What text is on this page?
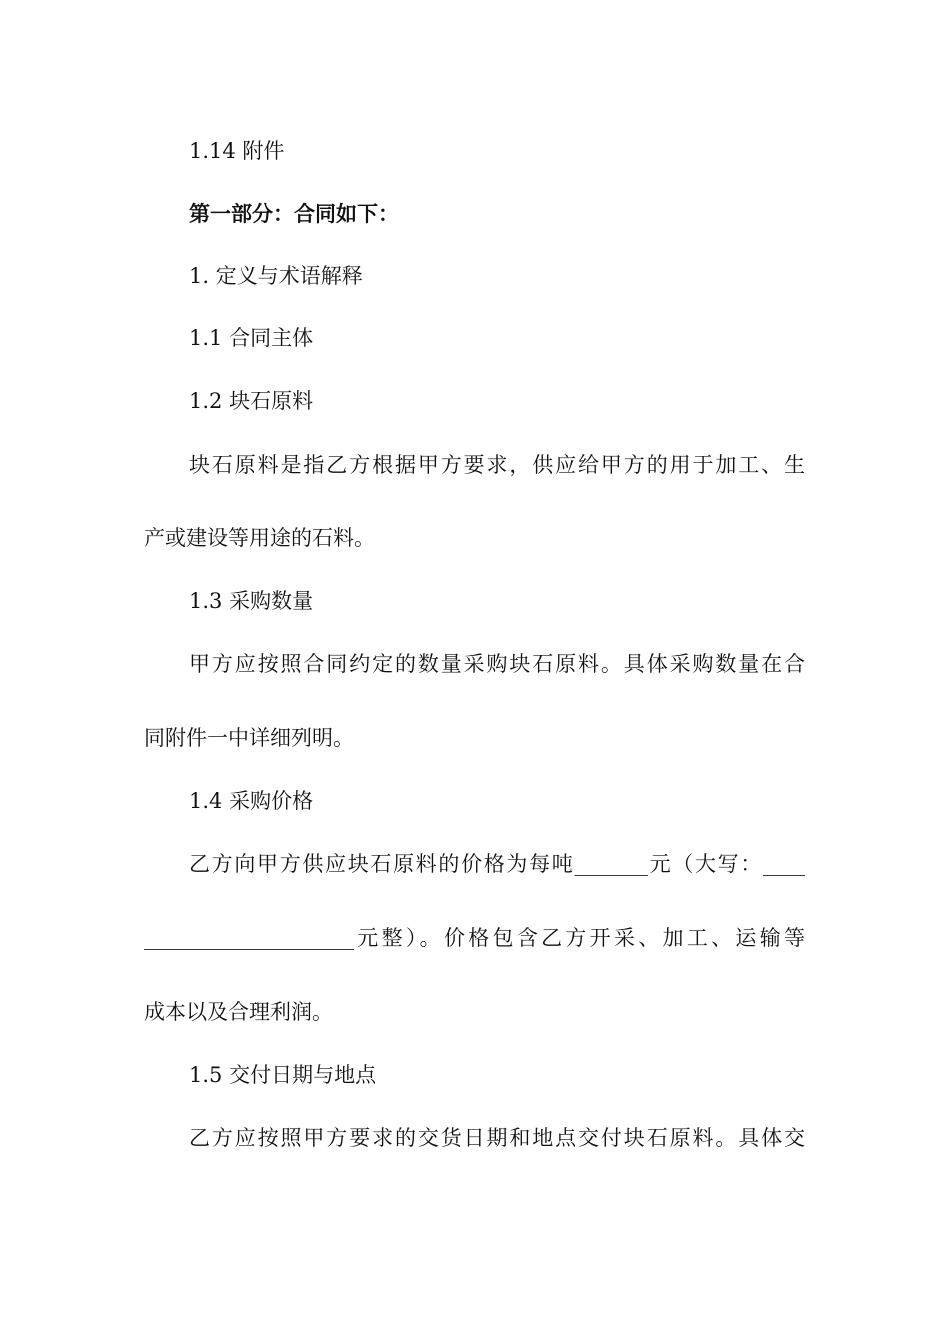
1.14 附件
第一部分：合同如下：
1. 定义与术语解释
1.1 合同主体
1.2 块石原料
块石原料是指乙方根据甲方要求，供应给甲方的用于加工、生
产或建设等用途的石料。
1.3 采购数量
甲方应按照合同约定的数量采购块石原料。具体采购数量在合
同附件一中详细列明。
1.4 采购价格
乙方向甲方供应块石原料的价格为每吨_______元（大写：____
____________________元整）。价格包含乙方开采、加工、运输等
成本以及合理利润。
1.5 交付日期与地点
乙方应按照甲方要求的交货日期和地点交付块石原料。具体交
